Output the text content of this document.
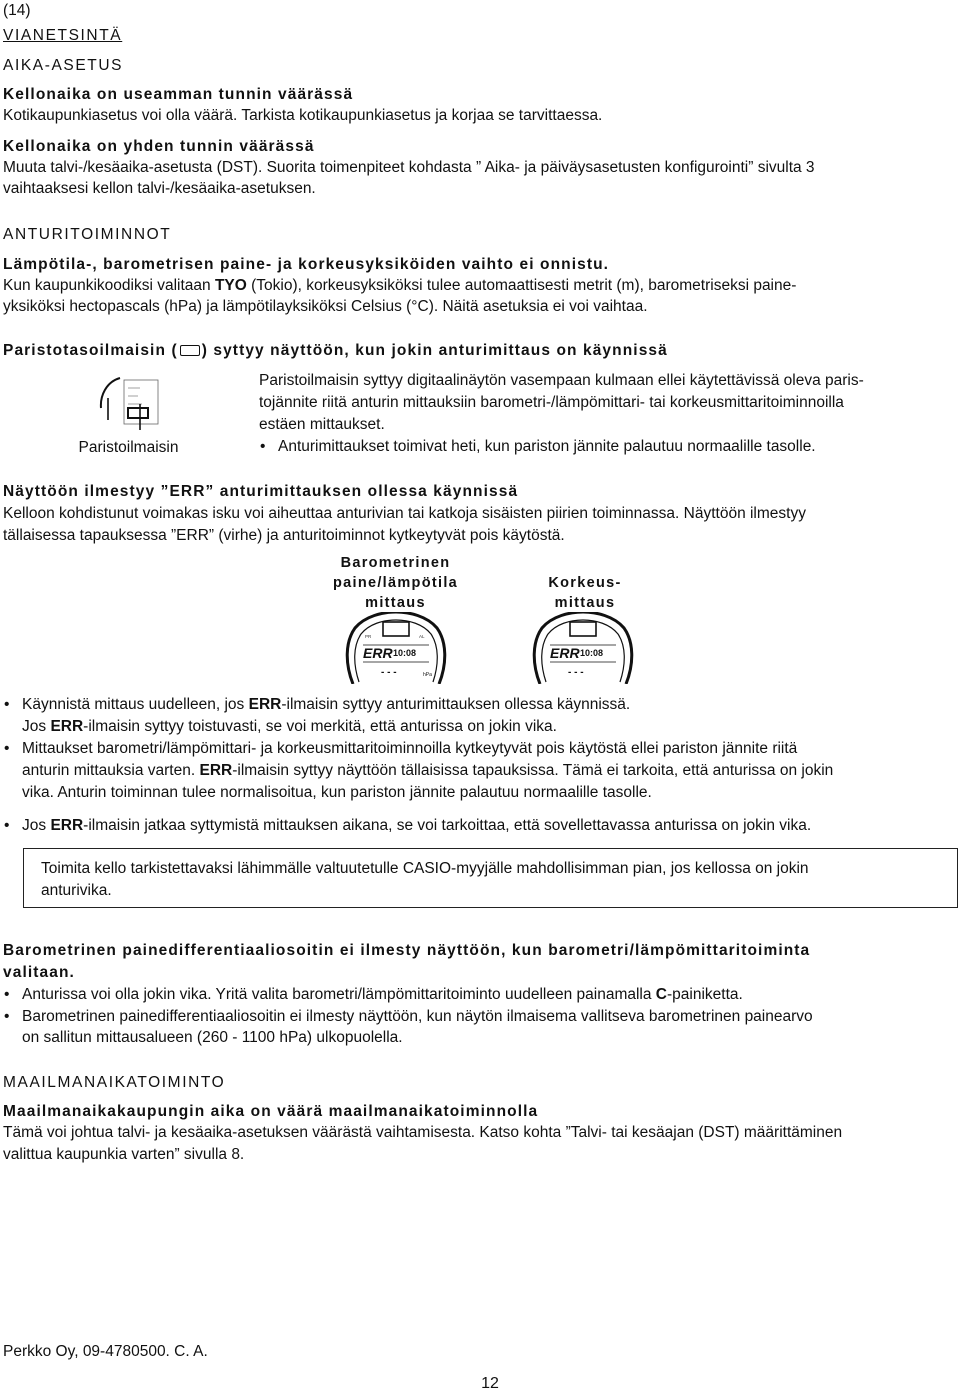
(14)
VIANETSINTÄ
AIKA-ASETUS
Kellonaika on useamman tunnin väärässä
Kotikaupunkiasetus voi olla väärä. Tarkista kotikaupunkiasetus ja korjaa se tarvittaessa.
Kellonaika on yhden tunnin väärässä
Muuta talvi-/kesäaika-asetusta (DST). Suorita toimenpiteet kohdasta ” Aika- ja päiväysasetusten konfigurointi” sivulta 3
vaihtaaksesi kellon talvi-/kesäaika-asetuksen.
ANTURITOIMINNOT
Lämpötila-, barometrisen paine- ja korkeusyksiköiden vaihto ei onnistu.
Kun kaupunkikoodiksi valitaan TYO (Tokio), korkeusyksiköksi tulee automaattisesti metrit (m), barometriseksi paine-
yksiköksi hectopascals (hPa) ja lämpötilayksiköksi Celsius (°C). Näitä asetuksia ei voi vaihtaa.
Paristotasoilmaisin ( ) syttyy näyttöön, kun jokin anturimittaus on käynnissä
Paristoilmaisin
Paristoilmaisin syttyy digitaalinäytön vasempaan kulmaan ellei käytettävissä oleva paris-
tojännite riitä anturin mittauksiin barometri-/lämpömittari- tai korkeusmittaritoiminnoilla
estäen mittaukset.
• Anturimittaukset toimivat heti, kun pariston jännite palautuu normaalille tasolle.
Näyttöön ilmestyy ”ERR” anturimittauksen ollessa käynnissä
Kelloon kohdistunut voimakas isku voi aiheuttaa anturivian tai katkoja sisäisten piirien toiminnassa. Näyttöön ilmestyy
tällaisessa tapauksessa ”ERR” (virhe) ja anturitoiminnot kytkeytyvät pois käytöstä.
Barometrinen
paine/lämpötila
mittaus
Korkeus-
mittaus
PR	AL
ERR 10:08
- - -	hPa
ERR 10:08
- - -
• Käynnistä mittaus uudelleen, jos ERR-ilmaisin syttyy anturimittauksen ollessa käynnissä.
Jos ERR-ilmaisin syttyy toistuvasti, se voi merkitä, että anturissa on jokin vika.
• Mittaukset barometri/lämpömittari- ja korkeusmittaritoiminnoilla kytkeytyvät pois käytöstä ellei pariston jännite riitä
anturin mittauksia varten. ERR-ilmaisin syttyy näyttöön tällaisissa tapauksissa. Tämä ei tarkoita, että anturissa on jokin
vika. Anturin toiminnan tulee normalisoitua, kun pariston jännite palautuu normaalille tasolle.
• Jos ERR-ilmaisin jatkaa syttymistä mittauksen aikana, se voi tarkoittaa, että sovellettavassa anturissa on jokin vika.
Toimita kello tarkistettavaksi lähimmälle valtuutetulle CASIO-myyjälle mahdollisimman pian, jos kellossa on jokin
anturivika.
Barometrinen painedifferentiaaliosoitin ei ilmesty näyttöön, kun barometri/lämpömittaritoiminta
valitaan.
• Anturissa voi olla jokin vika. Yritä valita barometri/lämpömittaritoiminto uudelleen painamalla C-painiketta.
• Barometrinen painedifferentiaaliosoitin ei ilmesty näyttöön, kun näytön ilmaisema vallitseva barometrinen painearvo
on sallitun mittausalueen (260 - 1100 hPa) ulkopuolella.
MAAILMANAIKATOIMINTO
Maailmanaikakaupungin aika on väärä maailmanaikatoiminnolla
Tämä voi johtua talvi- ja kesäaika-asetuksen väärästä vaihtamisesta. Katso kohta ”Talvi- tai kesäajan (DST) määrittäminen
valittua kaupunkia varten” sivulla 8.
Perkko Oy, 09-4780500. C. A.
12
